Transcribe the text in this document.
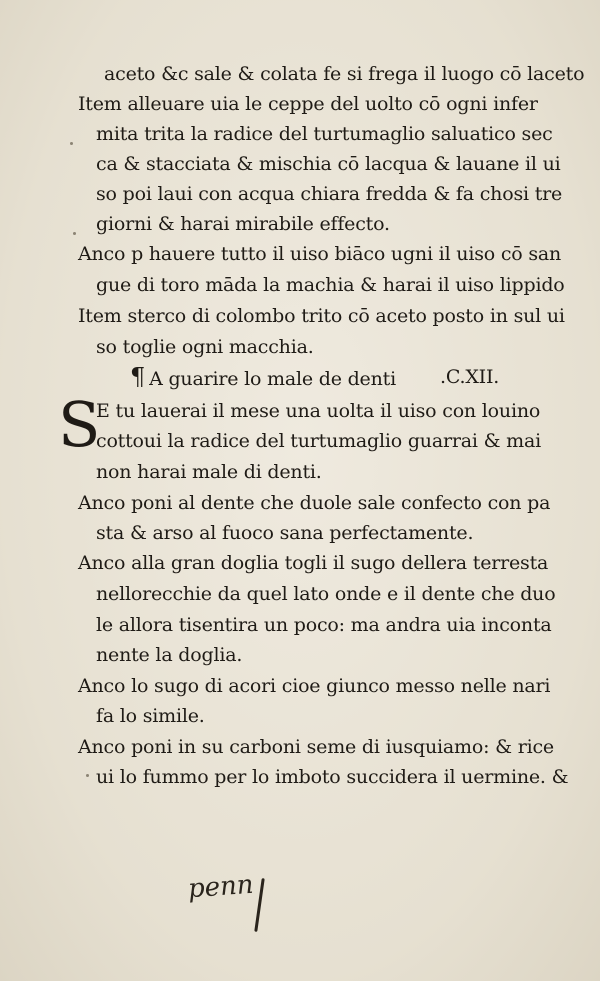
aceto &c sale & colata fe si frega il luogo cō laceto
Item alleuare uia le ceppe del uolto cō ogni infer
mita trita la radice del turtumaglio saluatico sec
ca & stacciata & mischia cō lacqua & lauane il ui
so poi laui con acqua chiara fredda & fa chosi tre
giorni & harai mirabile effecto.
Anco p hauere tutto il uiso biāco ugni il uiso cō san
gue di toro māda la machia & harai il uiso lippido
Item sterco di colombo trito cō aceto posto in sul ui
so toglie ogni macchia.
¶ A guarire lo male de denti .C.XII.
S
E tu lauerai il mese una uolta il uiso con louino
cottoui la radice del turtumaglio guarrai & mai
non harai male di denti.
Anco poni al dente che duole sale confecto con pa
sta & arso al fuoco sana perfectamente.
Anco alla gran doglia togli il sugo dellera terresta
nellorecchie da quel lato onde e il dente che duo
le allora tisentira un poco: ma andra uia inconta
nente la doglia.
Anco lo sugo di acori cioe giunco messo nelle nari
fa lo simile.
Anco poni in su carboni seme di iusquiamo: & rice
ui lo fummo per lo imboto succidera il uermine. &
penn
